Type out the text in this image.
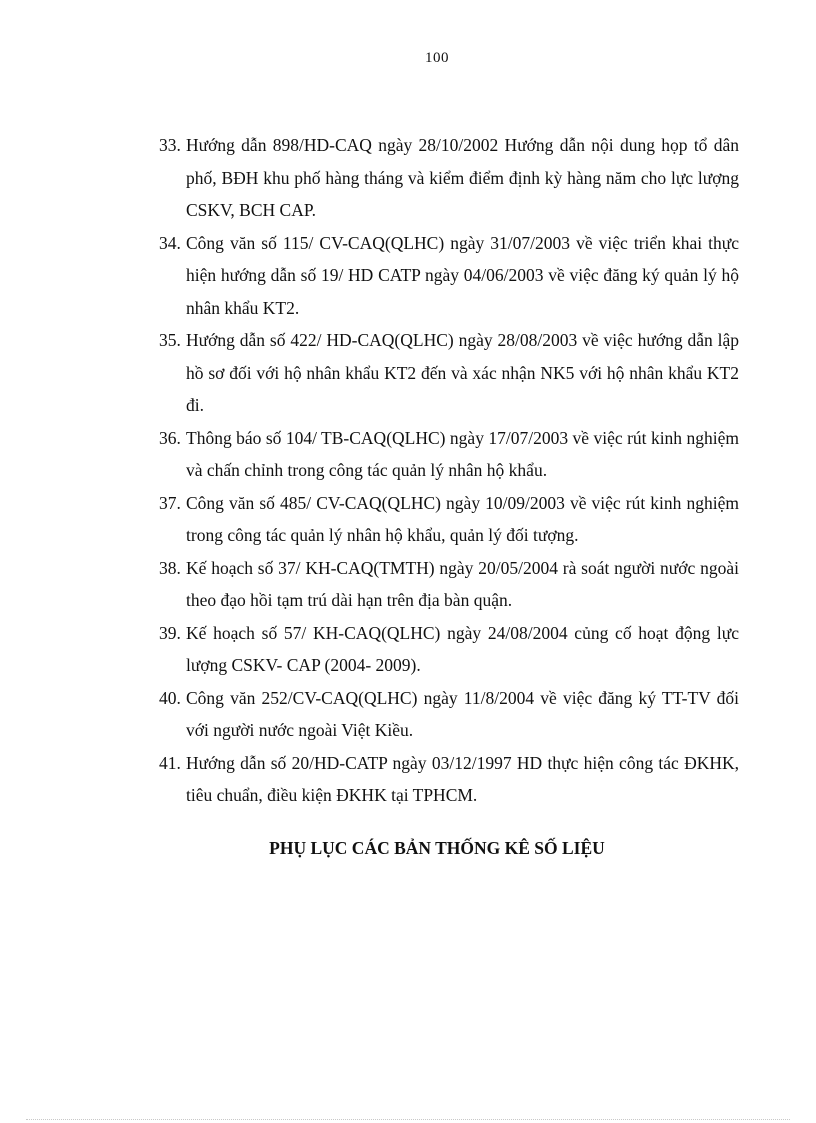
100
33. Hướng dẫn 898/HD-CAQ ngày 28/10/2002 Hướng dẫn nội dung họp tổ dân phố, BĐH khu phố hàng tháng và kiểm điểm định kỳ hàng năm cho lực lượng CSKV, BCH CAP.
34. Công văn số 115/ CV-CAQ(QLHC) ngày 31/07/2003 về việc triển khai thực hiện hướng dẫn số 19/ HD CATP ngày 04/06/2003 về việc đăng ký quản lý hộ nhân khẩu KT2.
35. Hướng dẫn số 422/ HD-CAQ(QLHC) ngày 28/08/2003 về việc hướng dẫn lập hồ sơ đối với hộ nhân khẩu KT2 đến và xác nhận NK5 với hộ nhân khẩu KT2 đi.
36. Thông báo số 104/ TB-CAQ(QLHC) ngày 17/07/2003 về việc rút kinh nghiệm và chấn chỉnh trong công tác quản lý nhân hộ khẩu.
37. Công văn số 485/ CV-CAQ(QLHC) ngày 10/09/2003 về việc rút kinh nghiệm trong công tác quản lý nhân hộ khẩu, quản lý đối tượng.
38. Kế hoạch số 37/ KH-CAQ(TMTH) ngày 20/05/2004 rà soát người nước ngoài theo đạo hồi tạm trú dài hạn trên địa bàn quận.
39. Kế hoạch số 57/ KH-CAQ(QLHC) ngày 24/08/2004 củng cố hoạt động lực lượng CSKV- CAP (2004- 2009).
40. Công văn 252/CV-CAQ(QLHC) ngày 11/8/2004 về việc đăng ký TT-TV đối với người nước ngoài Việt Kiều.
41. Hướng dẫn số 20/HD-CATP ngày 03/12/1997 HD thực hiện công tác ĐKHK, tiêu chuẩn, điều kiện ĐKHK tại TPHCM.
PHỤ LỤC CÁC BẢN THỐNG KÊ SỐ LIỆU
